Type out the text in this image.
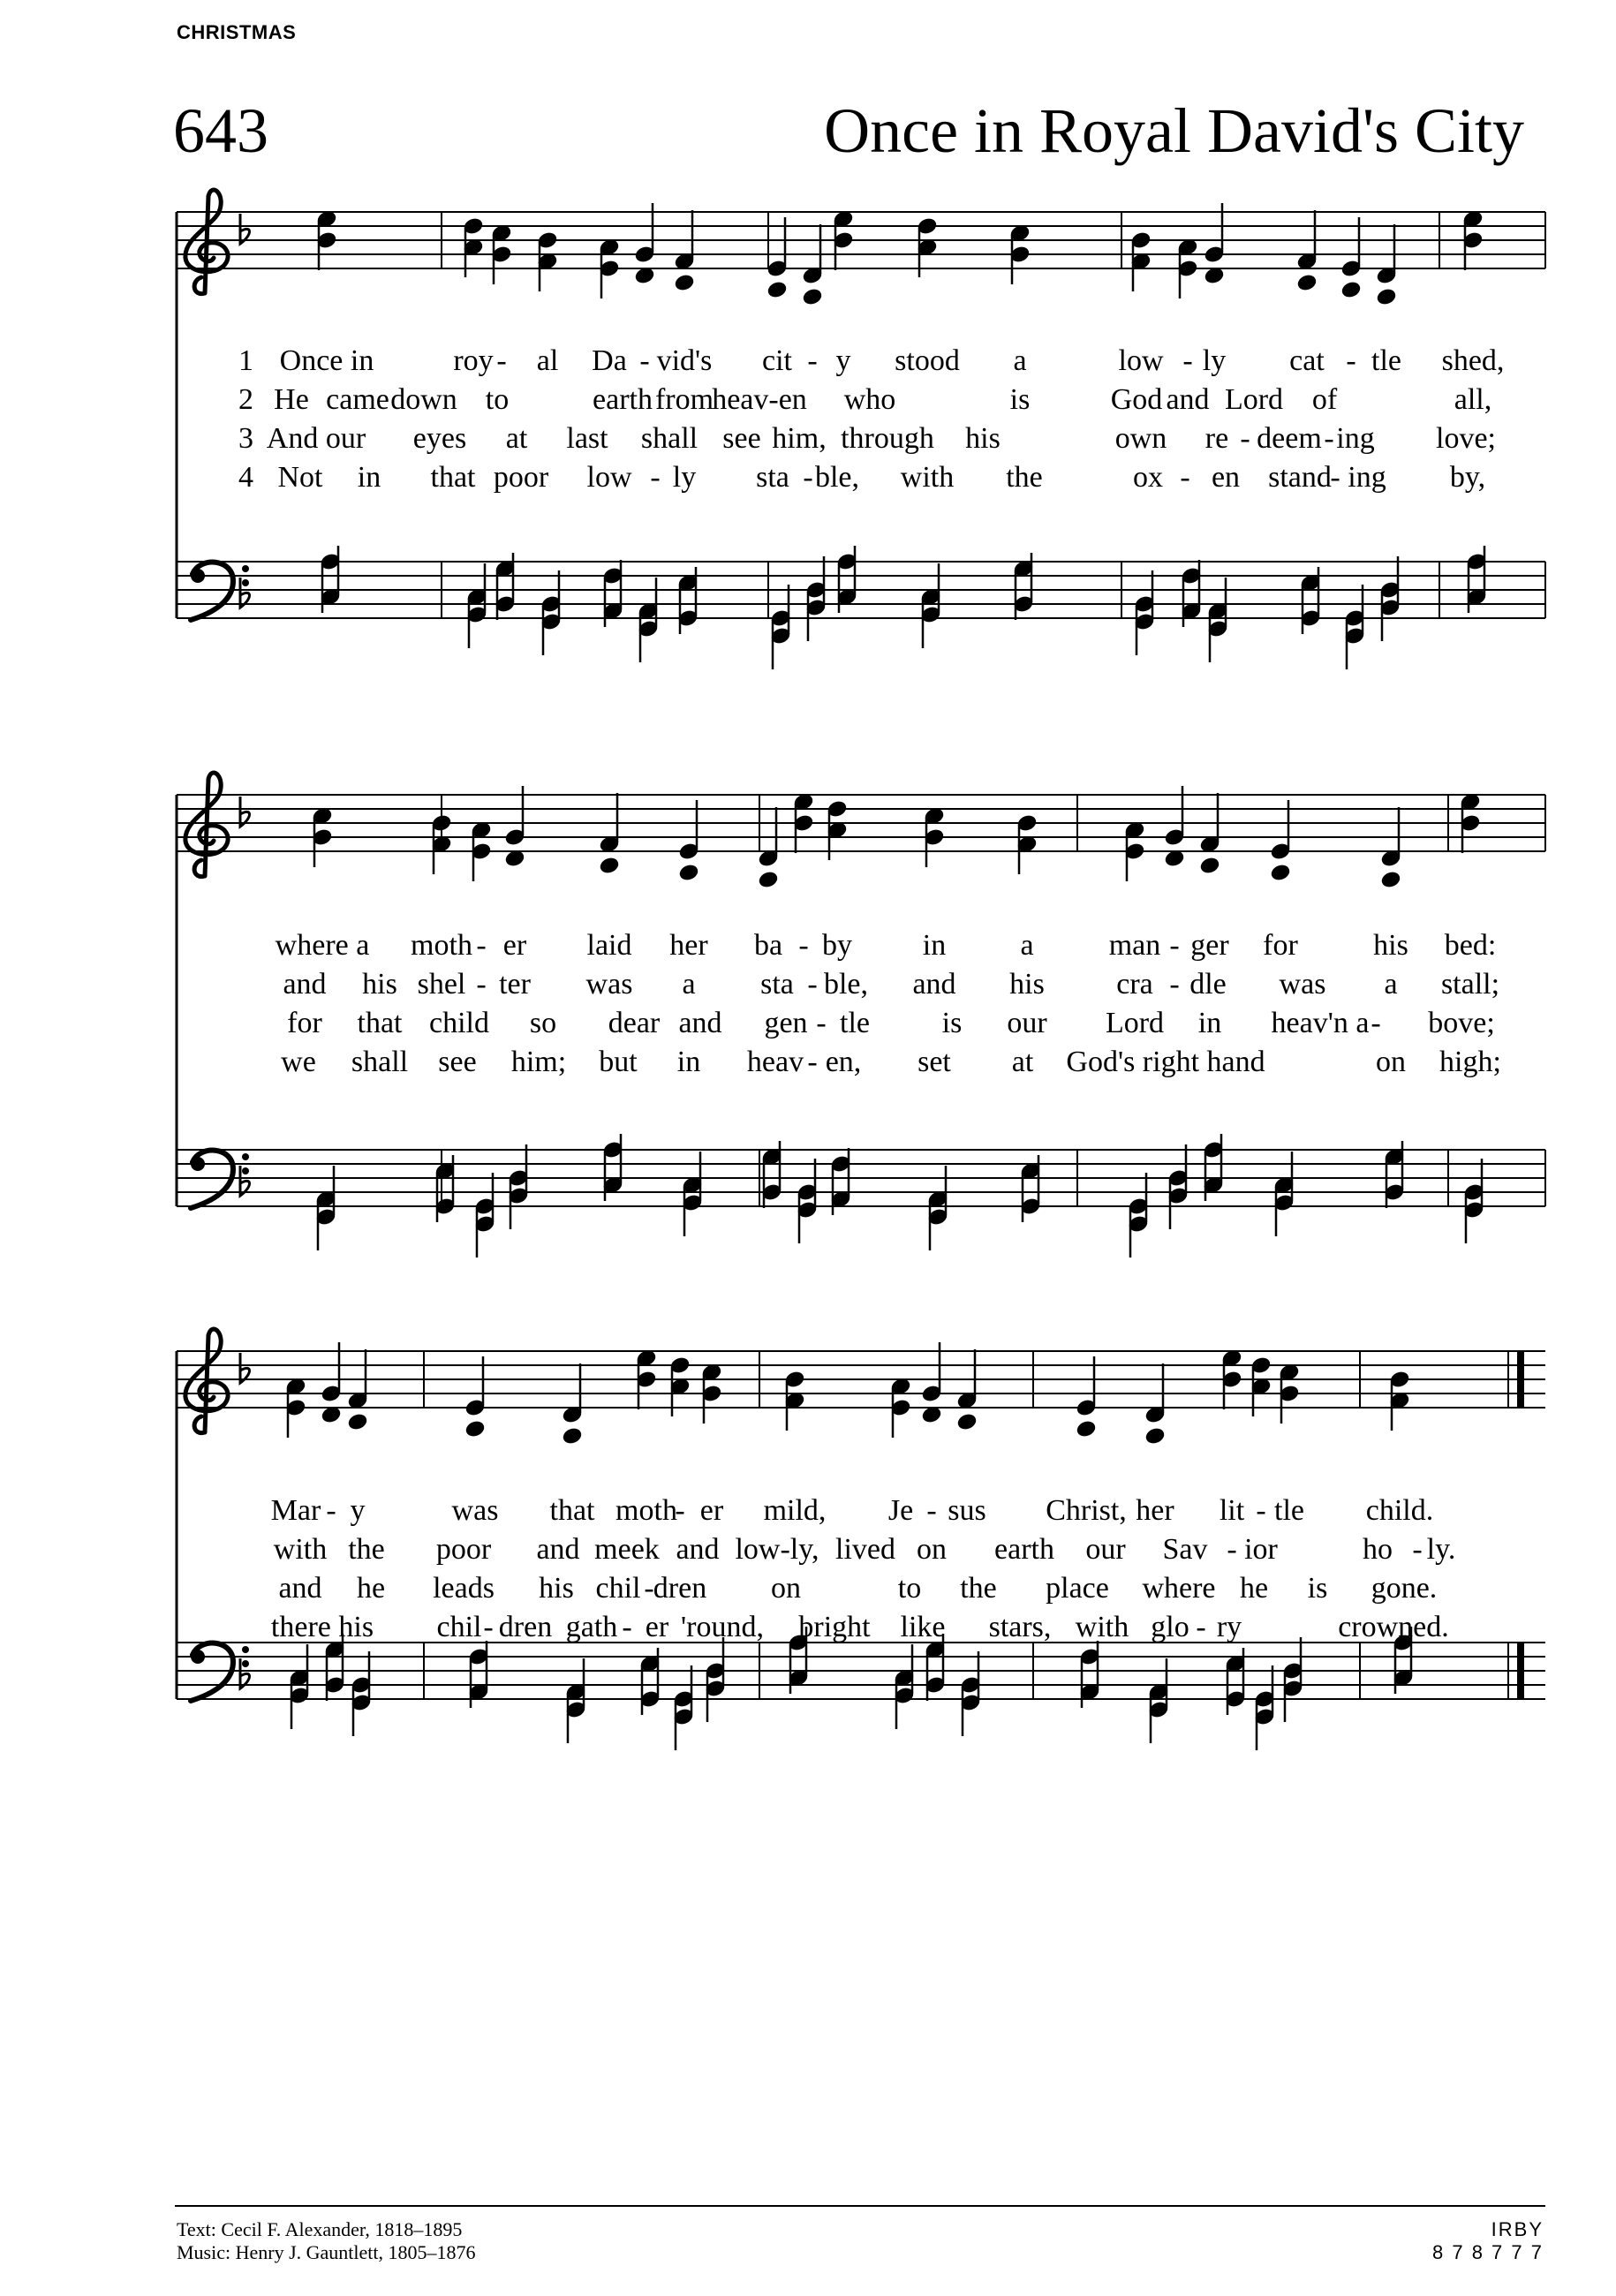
CHRISTMAS
643	Once in Royal David's City
1 Once in	roy - al Da - vid's cit - y stood a	low - ly cat - tle shed,
2 He came down to	earth from
heav-en who	is	God and Lord of	all,
3 And our eyes at last shall see him, through his	own re - deem - ing love;
4 Not in that poor low - ly sta - ble, with the	ox - en stand
- ing by,
where a moth - er laid her ba - by in a	man - ger for	his bed:
and his shel - ter was a sta - ble, and his cra - dle was a stall;
for that child so dear and gen - tle is our Lord in heav'n a - bove;
we shall see him; but in heav - en, set at God's right hand	on high;
Mar - y	was that moth
- er mild, Je - sus Christ, her lit - tle child.
with the poor and meek and low-ly, lived on earth our Sav - ior	ho - ly.
and he leads his chil - dren on	to the place where he is gone.
there his chil - dren gath - er 'round, bright like stars, with glo - ry	crowned.
Text: Cecil F. Alexander, 1818–1895
Music: Henry J. Gauntlett, 1805–1876
IRBY
8 7 8 7 7 7
